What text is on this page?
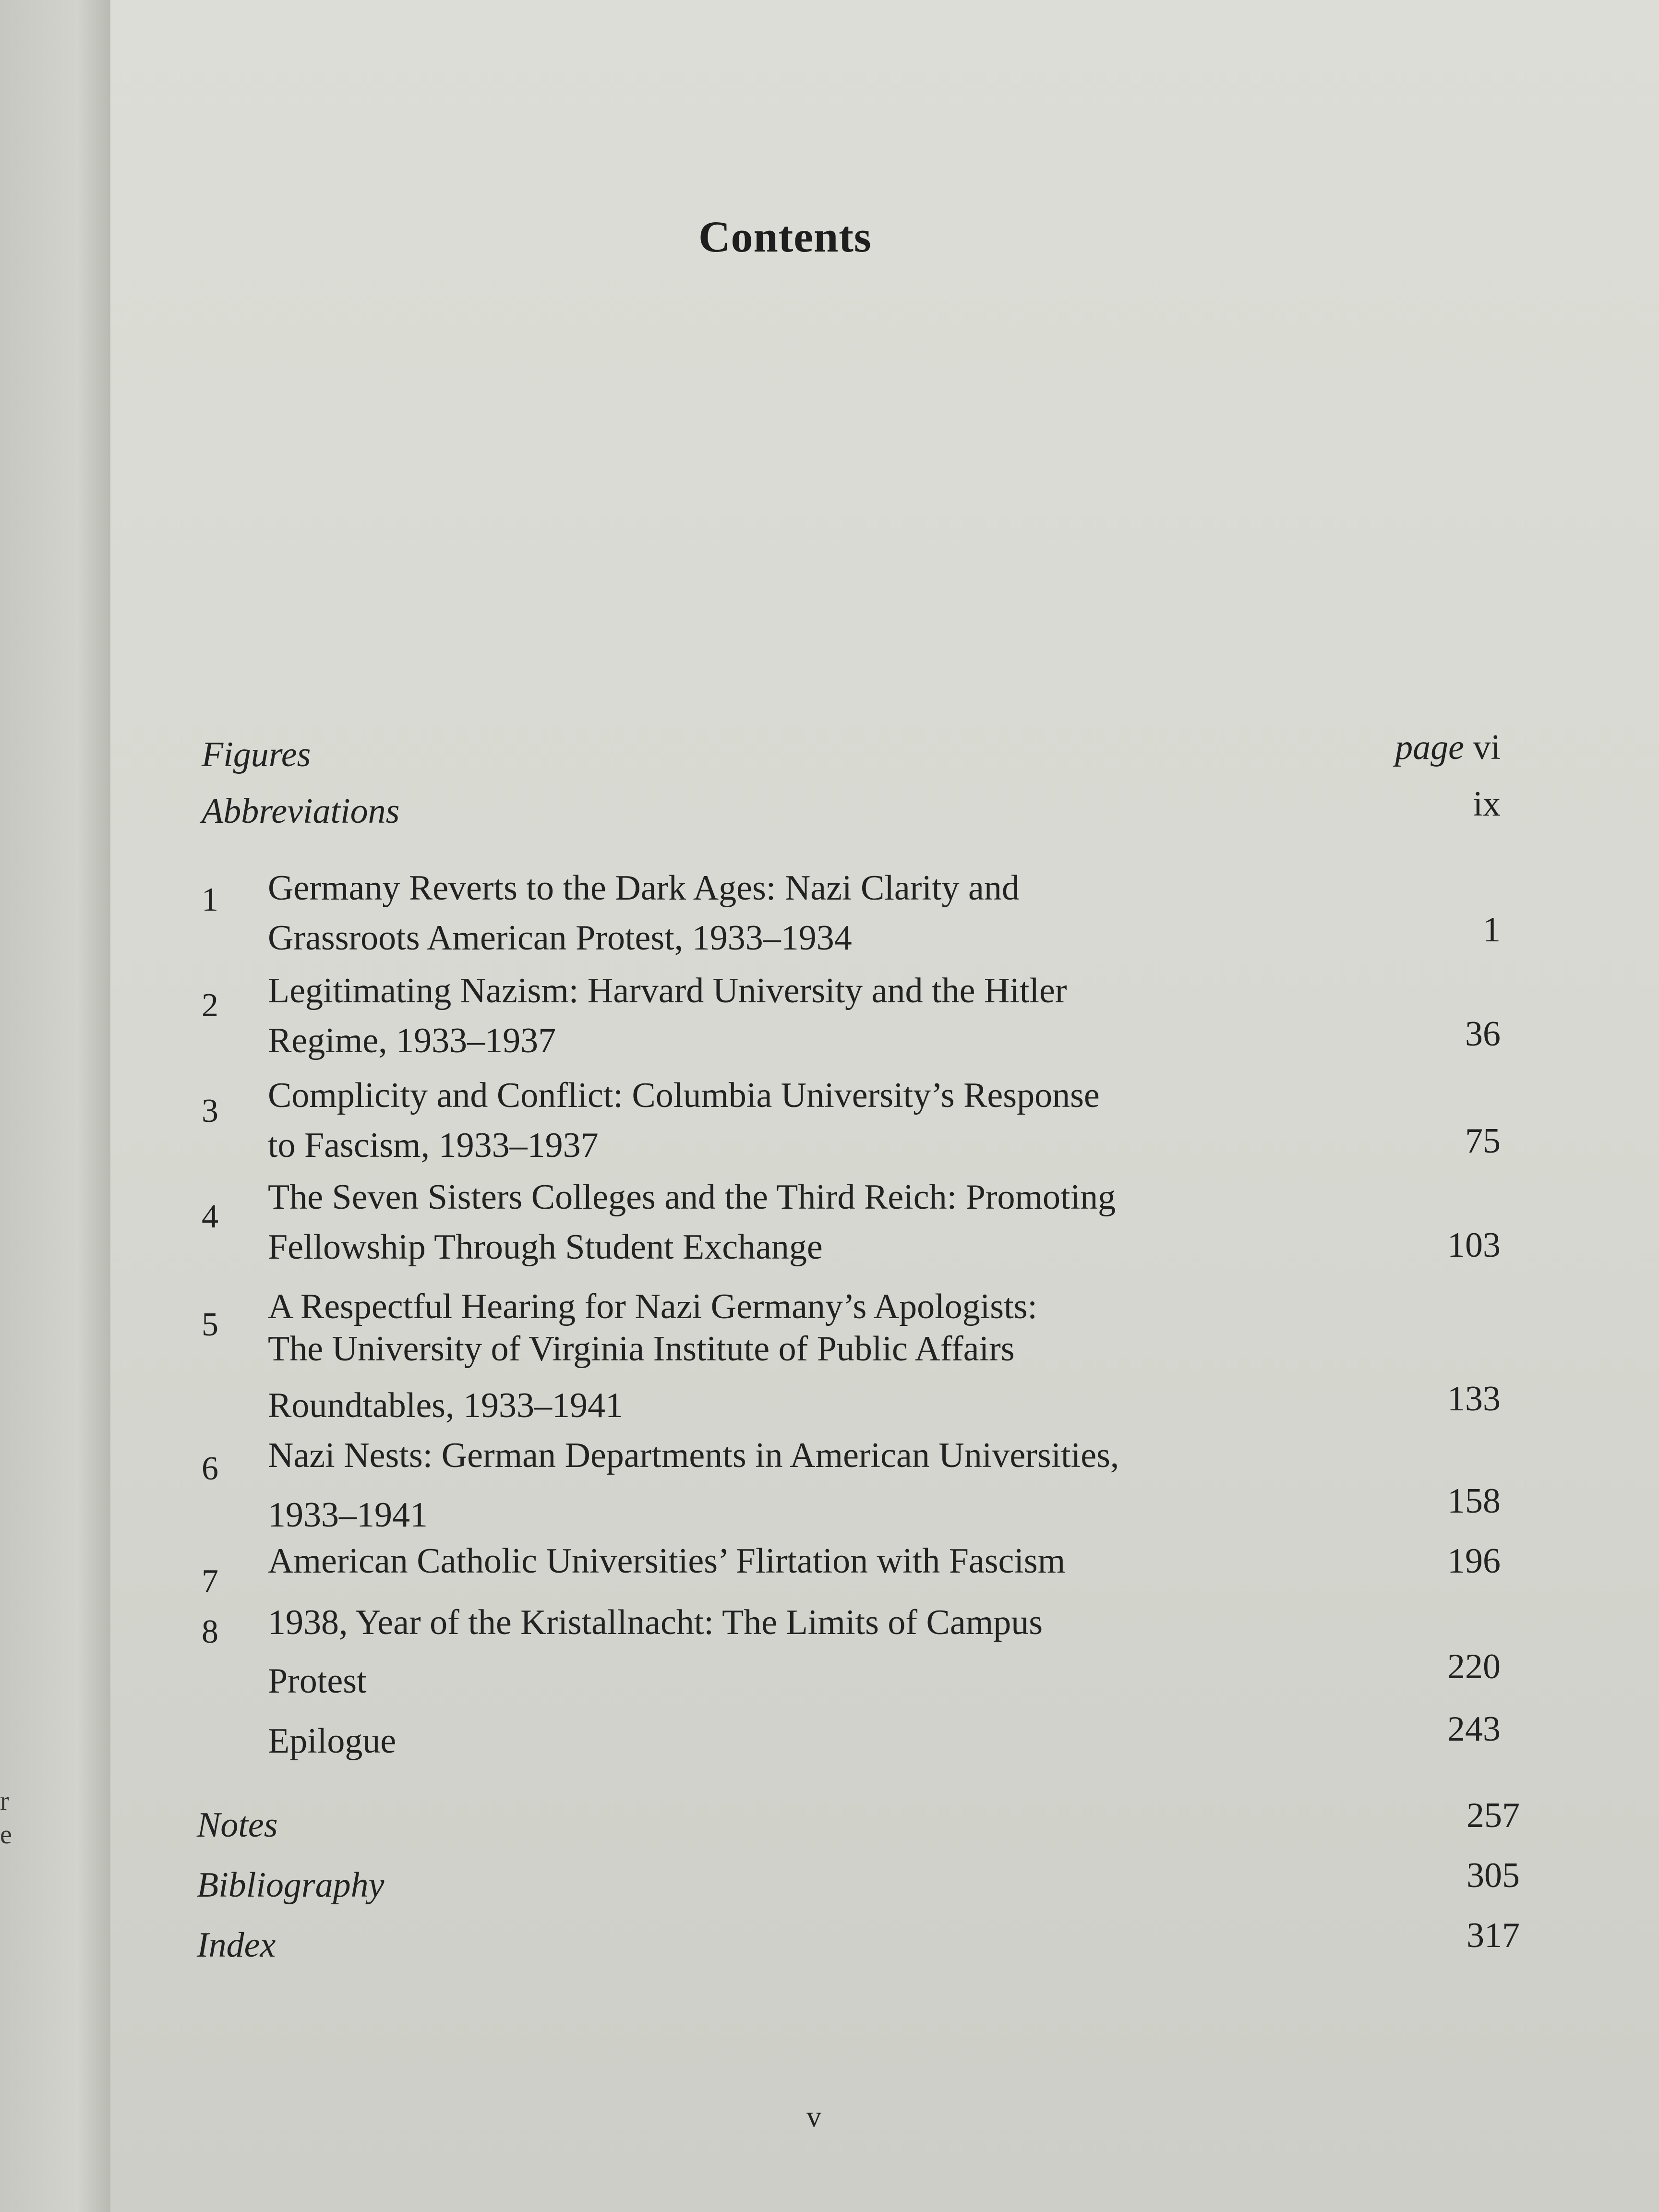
r
e
Contents
Figures	page vi
Abbreviations	ix
1 Germany Reverts to the Dark Ages: Nazi Clarity and
Grassroots American Protest, 1933–1934	1
2 Legitimating Nazism: Harvard University and the Hitler
Regime, 1933–1937	36
3 Complicity and Conflict: Columbia University’s Response
to Fascism, 1933–1937	75
4 The Seven Sisters Colleges and the Third Reich: Promoting
Fellowship Through Student Exchange	103
5 A Respectful Hearing for Nazi Germany’s Apologists:
The University of Virginia Institute of Public Affairs
Roundtables, 1933–1941	133
6 Nazi Nests: German Departments in American Universities,
1933–1941	158
7
American Catholic Universities’ Flirtation with Fascism	196
8 1938, Year of the Kristallnacht: The Limits of Campus
Protest	220
Epilogue	243
Notes	257
Bibliography	305
Index	317
v
